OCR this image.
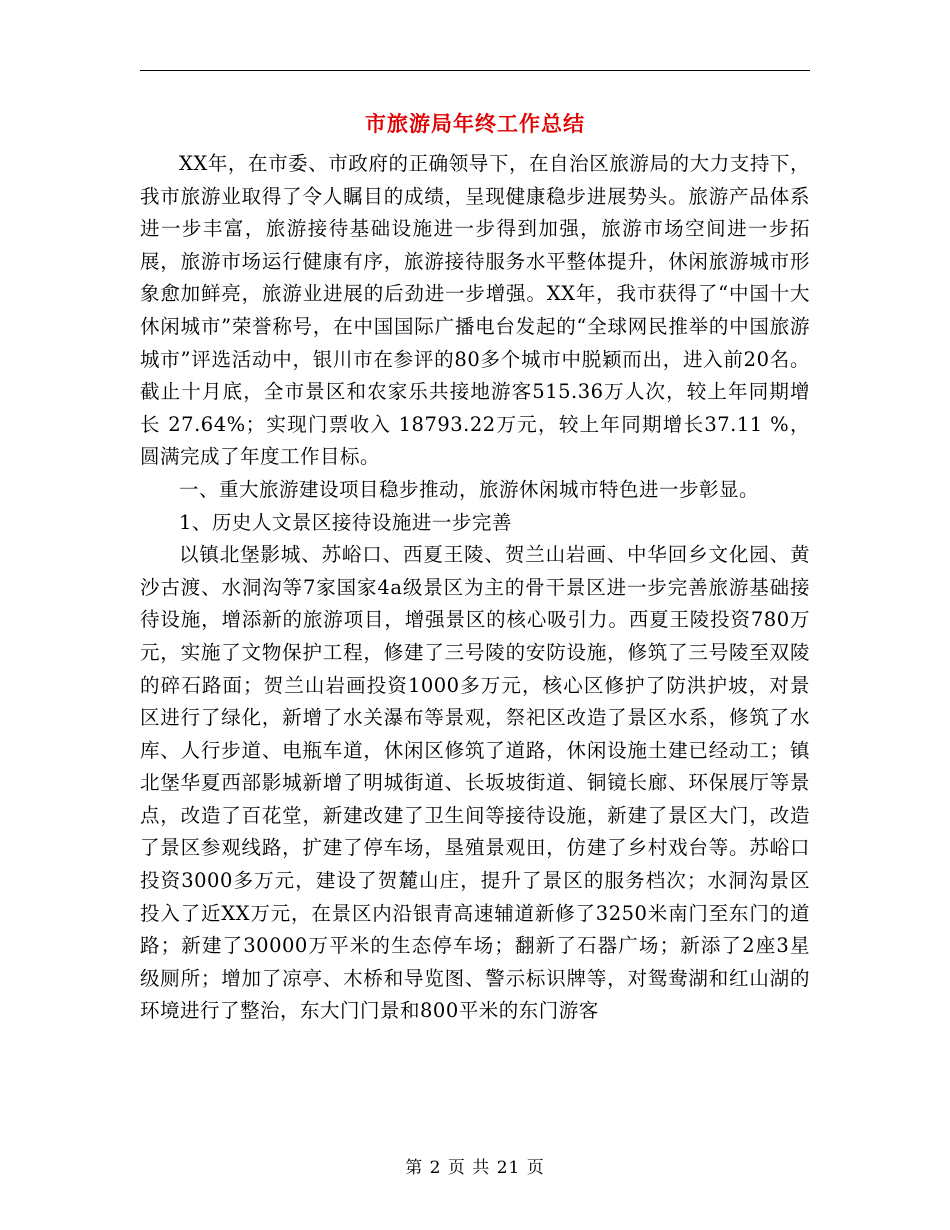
市旅游局年终工作总结

XX年，在市委、市政府的正确领导下，在自治区旅游局的大力支持下，我市旅游业取得了令人瞩目的成绩，呈现健康稳步进展势头。旅游产品体系进一步丰富，旅游接待基础设施进一步得到加强，旅游市场空间进一步拓展，旅游市场运行健康有序，旅游接待服务水平整体提升，休闲旅游城市形象愈加鲜亮，旅游业进展的后劲进一步增强。XX年，我市获得了“中国十大休闲城市”荣誉称号，在中国国际广播电台发起的“全球网民推举的中国旅游城市”评选活动中，银川市在参评的80多个城市中脱颖而出，进入前20名。截止十月底，全市景区和农家乐共接地游客515.36万人次，较上年同期增长 27.64%；实现门票收入 18793.22万元，较上年同期增长37.11 %，圆满完成了年度工作目标。

一、重大旅游建设项目稳步推动，旅游休闲城市特色进一步彰显。

1、历史人文景区接待设施进一步完善

以镇北堡影城、苏峪口、西夏王陵、贺兰山岩画、中华回乡文化园、黄沙古渡、水洞沟等7家国家4a级景区为主的骨干景区进一步完善旅游基础接待设施，增添新的旅游项目，增强景区的核心吸引力。西夏王陵投资780万元，实施了文物保护工程，修建了三号陵的安防设施，修筑了三号陵至双陵的碎石路面；贺兰山岩画投资1000多万元，核心区修护了防洪护坡，对景区进行了绿化，新增了水关瀑布等景观，祭祀区改造了景区水系，修筑了水库、人行步道、电瓶车道，休闲区修筑了道路，休闲设施土建已经动工；镇北堡华夏西部影城新增了明城街道、长坂坡街道、铜镜长廊、环保展厅等景点，改造了百花堂，新建改建了卫生间等接待设施，新建了景区大门，改造了景区参观线路，扩建了停车场，垦殖景观田，仿建了乡村戏台等。苏峪口投资3000多万元，建设了贺麓山庄，提升了景区的服务档次；水洞沟景区投入了近XX万元，在景区内沿银青高速辅道新修了3250米南门至东门的道路；新建了30000万平米的生态停车场；翻新了石器广场；新添了2座3星级厕所；增加了凉亭、木桥和导览图、警示标识牌等，对鸳鸯湖和红山湖的环境进行了整治，东大门门景和800平米的东门游客

第 2 页 共 21 页
